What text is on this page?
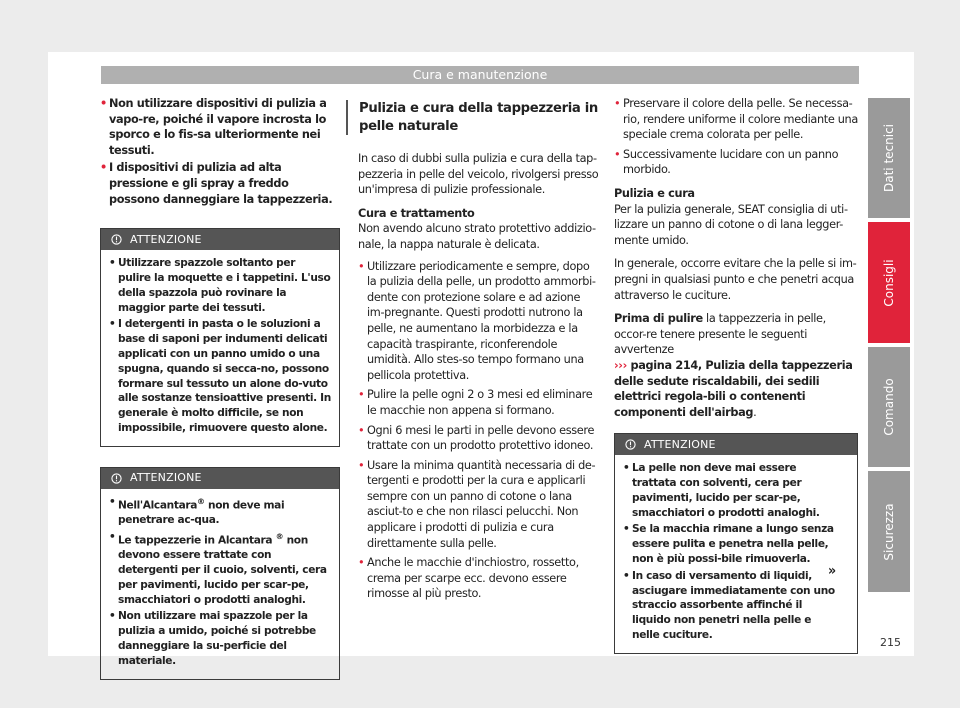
Cura e manutenzione
• Non utilizzare dispositivi di pulizia a vapo-re, poiché il vapore incrosta lo sporco e lo fis-sa ulteriormente nei tessuti.
• I dispositivi di pulizia ad alta pressione e gli spray a freddo possono danneggiare la tappezzeria.
ATTENZIONE
• Utilizzare spazzole soltanto per pulire la moquette e i tappetini. L'uso della spazzola può rovinare la maggior parte dei tessuti.
• I detergenti in pasta o le soluzioni a base di saponi per indumenti delicati applicati con un panno umido o una spugna, quando si secca-no, possono formare sul tessuto un alone do-vuto alle sostanze tensioattive presenti. In generale è molto difficile, se non impossibile, rimuovere questo alone.
ATTENZIONE
• Nell'Alcantara® non deve mai penetrare ac-qua.
• Le tappezzerie in Alcantara ® non devono essere trattate con detergenti per il cuoio, solventi, cera per pavimenti, lucido per scar-pe, smacchiatori o prodotti analoghi.
• Non utilizzare mai spazzole per la pulizia a umido, poiché si potrebbe danneggiare la su-perficie del materiale.
Pulizia e cura della tappezzeria in pelle naturale

In caso di dubbi sulla pulizia e cura della tap-pezzeria in pelle del veicolo, rivolgersi presso un'impresa di pulizie professionale.

Cura e trattamento

Non avendo alcuno strato protettivo addizio-nale, la nappa naturale è delicata.

• Utilizzare periodicamente e sempre, dopo la pulizia della pelle, un prodotto ammorbi-dente con protezione solare e ad azione im-pregnante. Questi prodotti nutrono la pelle, ne aumentano la morbidezza e la capacità traspirante, riconferendole umidità. Allo stes-so tempo formano una pellicola protettiva.
• Pulire la pelle ogni 2 o 3 mesi ed eliminare le macchie non appena si formano.
• Ogni 6 mesi le parti in pelle devono essere trattate con un prodotto protettivo idoneo.
• Usare la minima quantità necessaria di de-tergenti e prodotti per la cura e applicarli sempre con un panno di cotone o lana asciut-to e che non rilasci pelucchi. Non applicare i prodotti di pulizia e cura direttamente sulla pelle.
• Anche le macchie d'inchiostro, rossetto, crema per scarpe ecc. devono essere rimosse al più presto.
• Preservare il colore della pelle. Se necessa-rio, rendere uniforme il colore mediante una speciale crema colorata per pelle.
• Successivamente lucidare con un panno morbido.

Pulizia e cura

Per la pulizia generale, SEAT consiglia di uti-lizzare un panno di cotone o di lana legger-mente umido.

In generale, occorre evitare che la pelle si im-pregni in qualsiasi punto e che penetri acqua attraverso le cuciture.

Prima di pulire la tappezzeria in pelle, occor-re tenere presente le seguenti avvertenze
››› pagina 214, Pulizia della tappezzeria delle sedute riscaldabili, dei sedili elettrici regola-bili o contenenti componenti dell'airbag.

ATTENZIONE
• La pelle non deve mai essere trattata con solventi, cera per pavimenti, lucido per scar-pe, smacchiatori o prodotti analoghi.
• Se la macchia rimane a lungo senza essere pulita e penetra nella pelle, non è più possi-bile rimuoverla.
• In caso di versamento di liquidi, asciugare immediatamente con uno straccio assorbente affinché il liquido non penetri nella pelle e nelle cuciture.
»
Dati tecnici
Consigli
Comando
Sicurezza
215
